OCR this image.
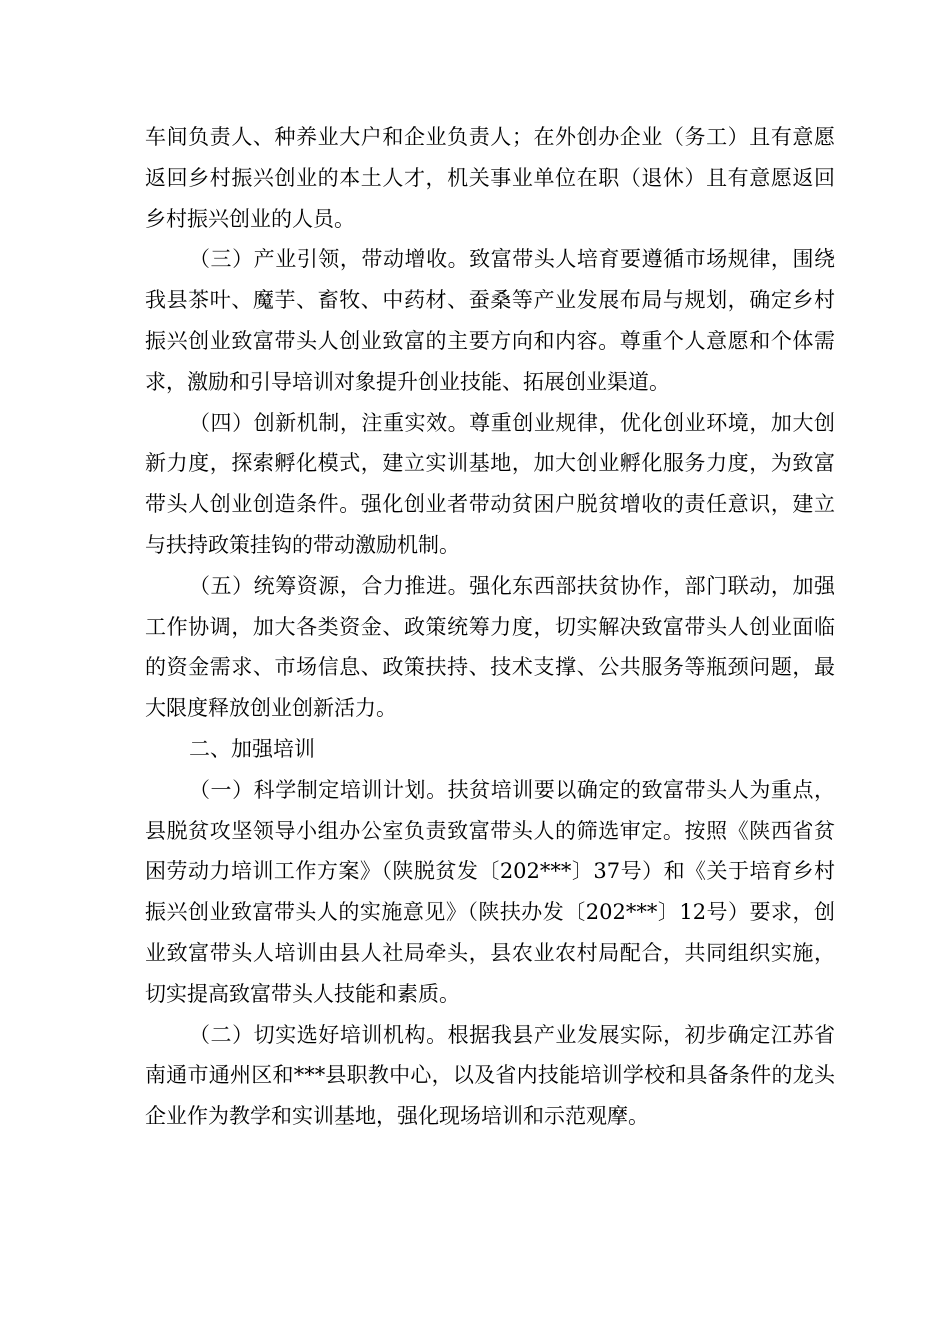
车间负责人、种养业大户和企业负责人；在外创办企业（务工）且有意愿返回乡村振兴创业的本土人才，机关事业单位在职（退休）且有意愿返回乡村振兴创业的人员。

（三）产业引领，带动增收。致富带头人培育要遵循市场规律，围绕我县茶叶、魔芋、畜牧、中药材、蚕桑等产业发展布局与规划，确定乡村振兴创业致富带头人创业致富的主要方向和内容。尊重个人意愿和个体需求，激励和引导培训对象提升创业技能、拓展创业渠道。

（四）创新机制，注重实效。尊重创业规律，优化创业环境，加大创新力度，探索孵化模式，建立实训基地，加大创业孵化服务力度，为致富带头人创业创造条件。强化创业者带动贫困户脱贫增收的责任意识，建立与扶持政策挂钩的带动激励机制。

（五）统筹资源，合力推进。强化东西部扶贫协作，部门联动，加强工作协调，加大各类资金、政策统筹力度，切实解决致富带头人创业面临的资金需求、市场信息、政策扶持、技术支撑、公共服务等瓶颈问题，最大限度释放创业创新活力。

二、加强培训

（一）科学制定培训计划。扶贫培训要以确定的致富带头人为重点，县脱贫攻坚领导小组办公室负责致富带头人的筛选审定。按照《陕西省贫困劳动力培训工作方案》（陕脱贫发〔202***〕37号）和《关于培育乡村振兴创业致富带头人的实施意见》（陕扶办发〔202***〕12号）要求，创业致富带头人培训由县人社局牵头，县农业农村局配合，共同组织实施，切实提高致富带头人技能和素质。

（二）切实选好培训机构。根据我县产业发展实际，初步确定江苏省南通市通州区和***县职教中心，以及省内技能培训学校和具备条件的龙头企业作为教学和实训基地，强化现场培训和示范观摩。
